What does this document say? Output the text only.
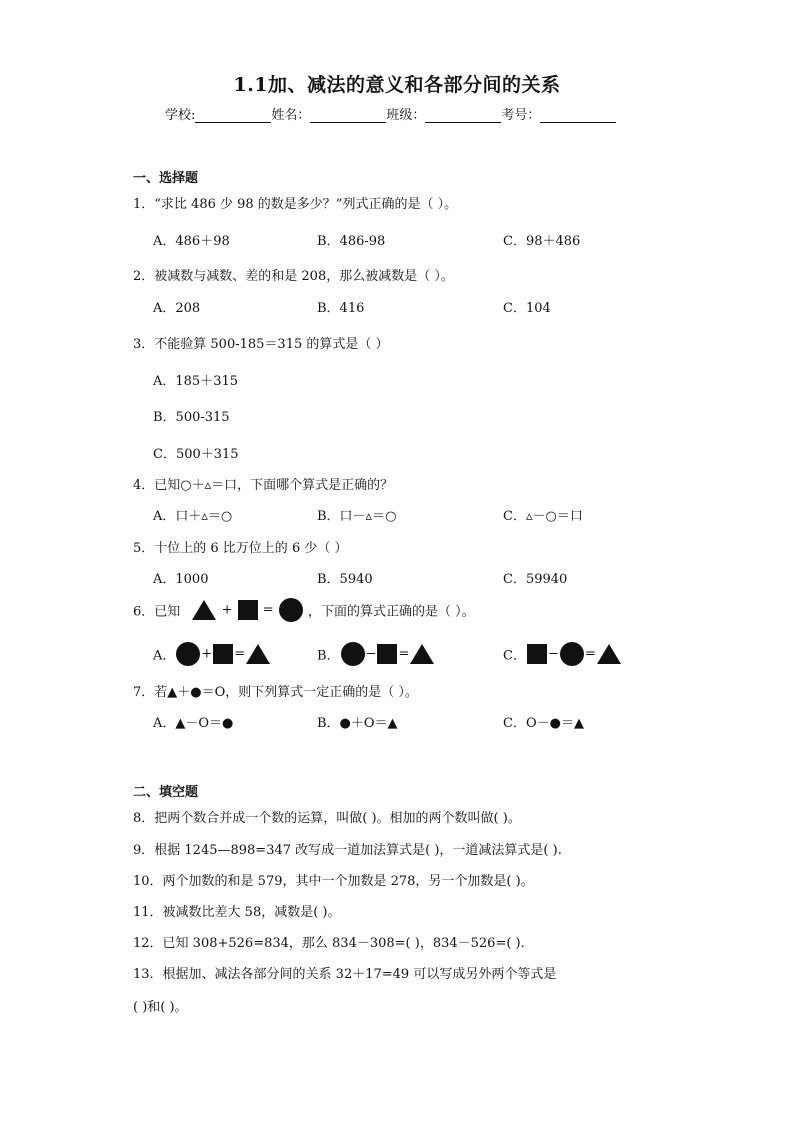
1.1加、减法的意义和各部分间的关系
学校:	姓名：	班级：	考号：
一、选择题
1．“求比 486 少 98 的数是多少？”列式正确的是（ ）。
A．486＋98	B．486-98	C．98＋486
2．被减数与减数、差的和是 208，那么被减数是（ ）。
A．208	B．416	C．104
3．不能验算 500-185＝315 的算式是（ ）
A．185＋315
B．500-315
C．500＋315
4．已知○＋▵＝口，下面哪个算式是正确的？
A．口＋▵＝○	B．口－▵＝○	C．▵－○＝口
5．十位上的 6 比万位上的 6 少（ ）
A．1000	B．5940	C．59940
6．已知	+ =	，下面的算式正确的是（ ）。
A． + =	B． − =	C． − =
7．若▲＋●＝O，则下列算式一定正确的是（ ）。
A．▲－O＝●	B．●＋O＝▲	C．O－●＝▲
二、填空题
8．把两个数合并成一个数的运算，叫做( )。相加的两个数叫做( )。
9．根据 1245—898=347 改写成一道加法算式是( )，一道减法算式是( ).
10．两个加数的和是 579，其中一个加数是 278，另一个加数是( )。
11．被减数比差大 58，减数是( )。
12．已知 308+526=834，那么 834－308=( )，834－526=( ).
13．根据加、减法各部分间的关系 32＋17=49 可以写成另外两个等式是
( )和( )。
